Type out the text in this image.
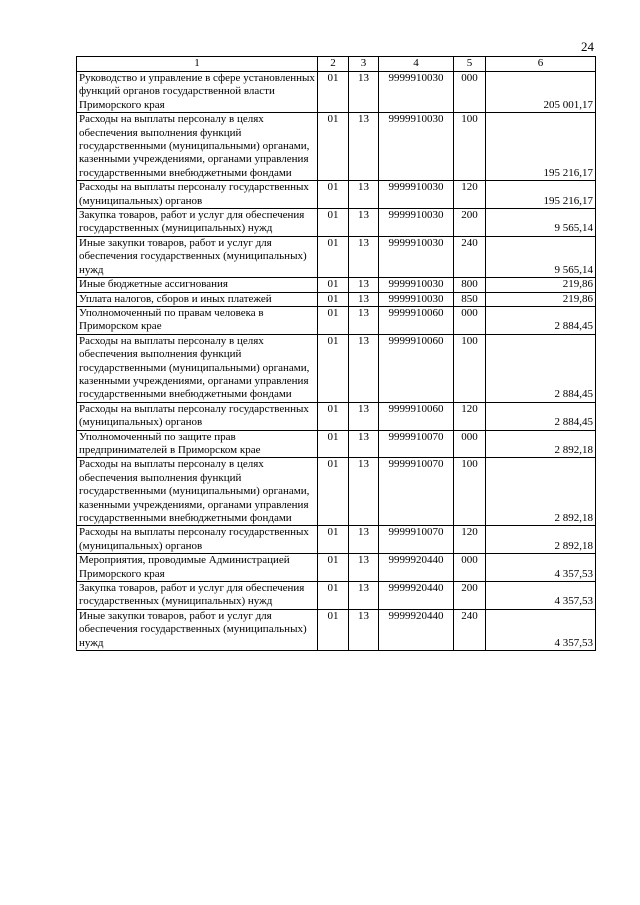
24
1	2	3	4	5	6
Руководство и управление в сфере установленных функций органов государственной власти Приморского края	01	13	9999910030	000	205 001,17
Расходы на выплаты персоналу в целях обеспечения выполнения функций государственными (муниципальными) органами, казенными учреждениями, органами управления государственными внебюджетными фондами	01	13	9999910030	100	195 216,17
Расходы на выплаты персоналу государственных (муниципальных) органов	01	13	9999910030	120	195 216,17
Закупка товаров, работ и услуг для обеспечения государственных (муниципальных) нужд	01	13	9999910030	200	9 565,14
Иные закупки товаров, работ и услуг для обеспечения государственных (муниципальных) нужд	01	13	9999910030	240	9 565,14
Иные бюджетные ассигнования	01	13	9999910030	800	219,86
Уплата налогов, сборов и иных платежей	01	13	9999910030	850	219,86
Уполномоченный по правам человека в Приморском крае	01	13	9999910060	000	2 884,45
Расходы на выплаты персоналу в целях обеспечения выполнения функций государственными (муниципальными) органами, казенными учреждениями, органами управления государственными внебюджетными фондами	01	13	9999910060	100	2 884,45
Расходы на выплаты персоналу государственных (муниципальных) органов	01	13	9999910060	120	2 884,45
Уполномоченный по защите прав предпринимателей в Приморском крае	01	13	9999910070	000	2 892,18
Расходы на выплаты персоналу в целях обеспечения выполнения функций государственными (муниципальными) органами, казенными учреждениями, органами управления государственными внебюджетными фондами	01	13	9999910070	100	2 892,18
Расходы на выплаты персоналу государственных (муниципальных) органов	01	13	9999910070	120	2 892,18
Мероприятия, проводимые Администрацией Приморского края	01	13	9999920440	000	4 357,53
Закупка товаров, работ и услуг для обеспечения государственных (муниципальных) нужд	01	13	9999920440	200	4 357,53
Иные закупки товаров, работ и услуг для обеспечения государственных (муниципальных) нужд	01	13	9999920440	240	4 357,53
